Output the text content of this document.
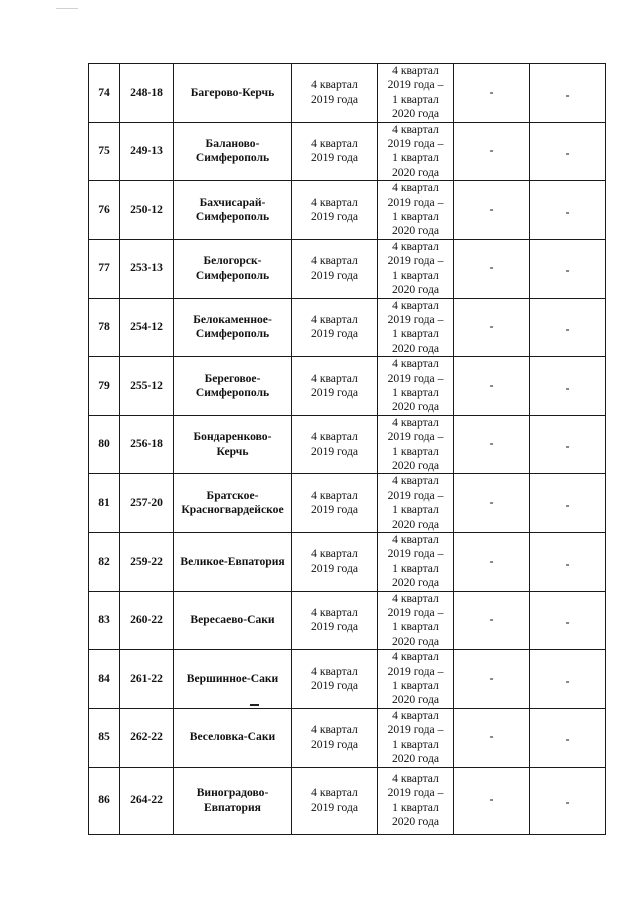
74	248-18	Багерово-Керчь	4 квартал
2019 года	4 квартал
2019 года –
1 квартал
2020 года	-	-
75	249-13	Баланово-
Симферополь	4 квартал
2019 года	4 квартал
2019 года –
1 квартал
2020 года	-	-
76	250-12	Бахчисарай-
Симферополь	4 квартал
2019 года	4 квартал
2019 года –
1 квартал
2020 года	-	-
77	253-13	Белогорск-
Симферополь	4 квартал
2019 года	4 квартал
2019 года –
1 квартал
2020 года	-	-
78	254-12	Белокаменное-
Симферополь	4 квартал
2019 года	4 квартал
2019 года –
1 квартал
2020 года	-	-
79	255-12	Береговое-
Симферополь	4 квартал
2019 года	4 квартал
2019 года –
1 квартал
2020 года	-	-
80	256-18	Бондаренково-
Керчь	4 квартал
2019 года	4 квартал
2019 года –
1 квартал
2020 года	-	-
81	257-20	Братское-
Красногвардейское	4 квартал
2019 года	4 квартал
2019 года –
1 квартал
2020 года	-	-
82	259-22	Великое-Евпатория	4 квартал
2019 года	4 квартал
2019 года –
1 квартал
2020 года	-	-
83	260-22	Вересаево-Саки	4 квартал
2019 года	4 квартал
2019 года –
1 квартал
2020 года	-	-
84	261-22	Вершинное-Саки	4 квартал
2019 года	4 квартал
2019 года –
1 квартал
2020 года	-	-
85	262-22	Веселовка-Саки	4 квартал
2019 года	4 квартал
2019 года –
1 квартал
2020 года	-	-
86	264-22	Виноградово-
Евпатория	4 квартал
2019 года	4 квартал
2019 года –
1 квартал
2020 года	-	-
